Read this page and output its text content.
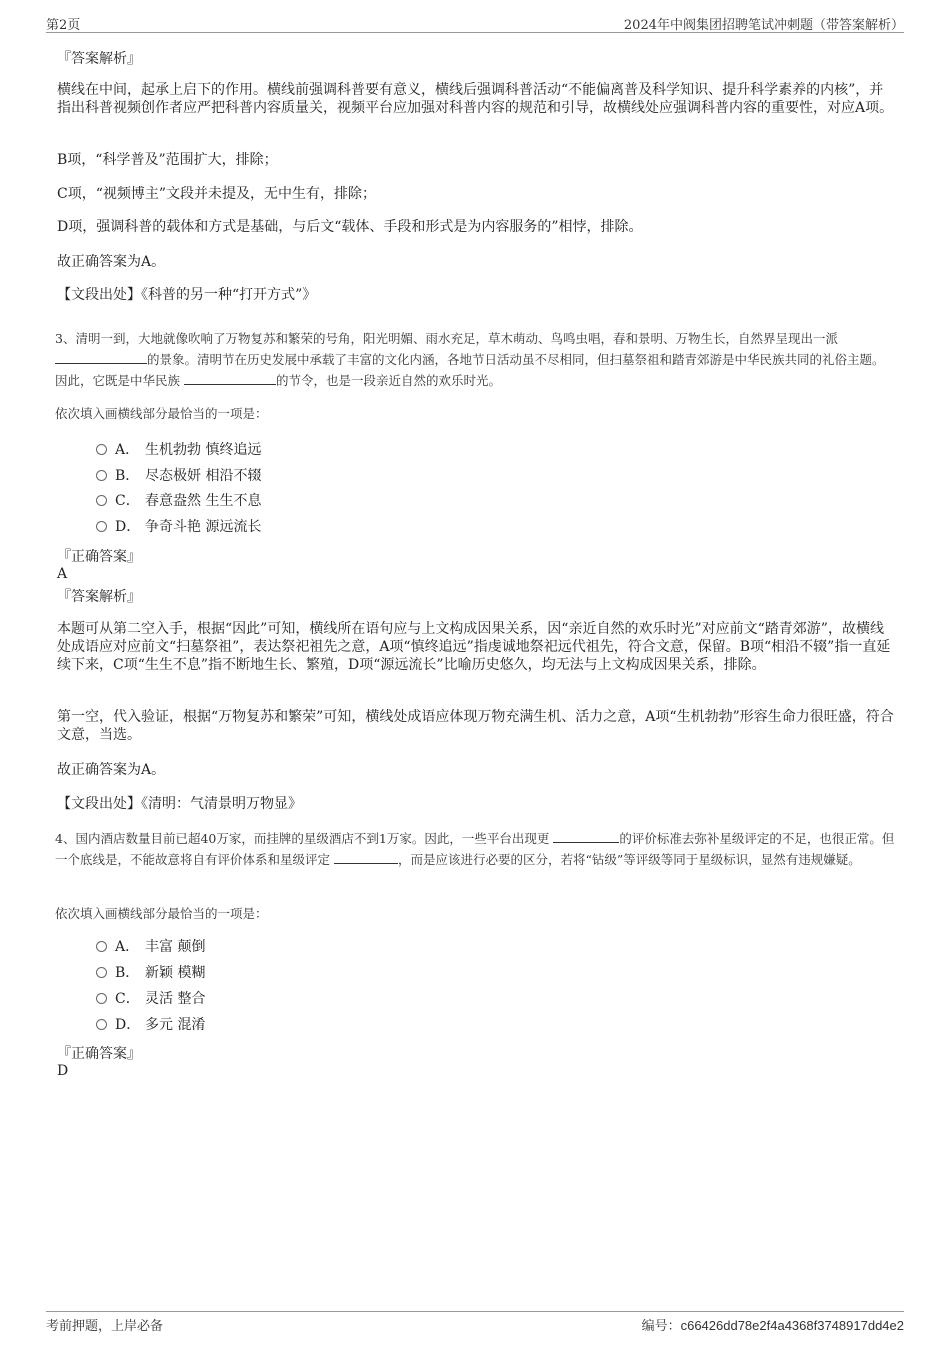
第2页	2024年中阀集团招聘笔试冲刺题（带答案解析）
『答案解析』
横线在中间，起承上启下的作用。横线前强调科普要有意义，横线后强调科普活动“不能偏离普及科学知识、提升科学素养的内核”，并指出科普视频创作者应严把科普内容质量关，视频平台应加强对科普内容的规范和引导，故横线处应强调科普内容的重要性，对应A项。
B项，“科学普及”范围扩大，排除；
C项，“视频博主”文段并未提及，无中生有，排除；
D项，强调科普的载体和方式是基础，与后文“载体、手段和形式是为内容服务的”相悖，排除。
故正确答案为A。
【文段出处】《科普的另一种“打开方式”》
3、清明一到，大地就像吹响了万物复苏和繁荣的号角，阳光明媚、雨水充足，草木萌动、鸟鸣虫唱，春和景明、万物生长，自然界呈现出一派的景象。清明节在历史发展中承载了丰富的文化内涵，各地节日活动虽不尽相同，但扫墓祭祖和踏青郊游是中华民族共同的礼俗主题。因此，它既是中华民族	的节令，也是一段亲近自然的欢乐时光。
依次填入画横线部分最恰当的一项是：
A． 生机勃勃 慎终追远
B． 尽态极妍 相沿不辍
C． 春意盎然 生生不息
D． 争奇斗艳 源远流长
『正确答案』
A
『答案解析』
本题可从第二空入手，根据“因此”可知，横线所在语句应与上文构成因果关系，因“亲近自然的欢乐时光”对应前文“踏青郊游”，故横线处成语应对应前文“扫墓祭祖”，表达祭祀祖先之意，A项“慎终追远”指虔诚地祭祀远代祖先，符合文意，保留。B项“相沿不辍”指一直延续下来，C项“生生不息”指不断地生长、繁殖，D项“源远流长”比喻历史悠久，均无法与上文构成因果关系，排除。
第一空，代入验证，根据“万物复苏和繁荣”可知，横线处成语应体现万物充满生机、活力之意，A项“生机勃勃”形容生命力很旺盛，符合文意，当选。
故正确答案为A。
【文段出处】《清明：气清景明万物显》
4、国内酒店数量目前已超40万家，而挂牌的星级酒店不到1万家。因此，一些平台出现更	的评价标准去弥补星级评定的不足，也很正常。但一个底线是，不能故意将自有评价体系和星级评定	，而是应该进行必要的区分，若将“钻级”等评级等同于星级标识，显然有违规嫌疑。
依次填入画横线部分最恰当的一项是：
A． 丰富 颠倒
B． 新颖 模糊
C． 灵活 整合
D． 多元 混淆
『正确答案』
D
考前押题，上岸必备	编号：c66426dd78e2f4a4368f3748917dd4e2
